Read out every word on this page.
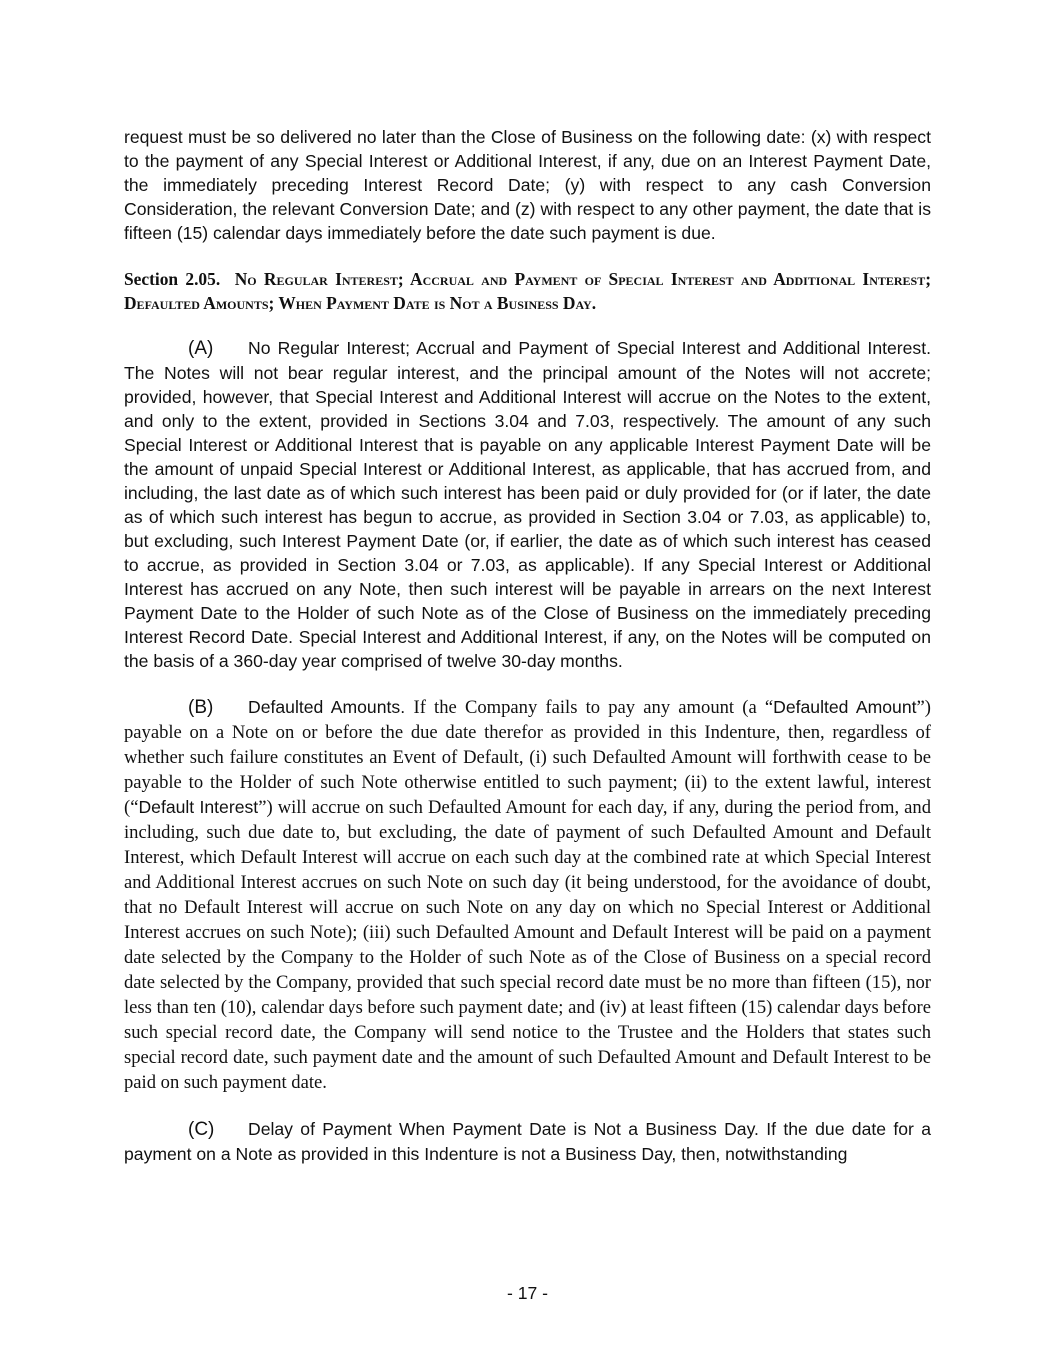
request must be so delivered no later than the Close of Business on the following date: (x) with respect to the payment of any Special Interest or Additional Interest, if any, due on an Interest Payment Date, the immediately preceding Interest Record Date; (y) with respect to any cash Conversion Consideration, the relevant Conversion Date; and (z) with respect to any other payment, the date that is fifteen (15) calendar days immediately before the date such payment is due.

Section 2.05. No Regular Interest; Accrual and Payment of Special Interest and Additional Interest; Defaulted Amounts; When Payment Date is Not a Business Day.

(A) No Regular Interest; Accrual and Payment of Special Interest and Additional Interest. The Notes will not bear regular interest, and the principal amount of the Notes will not accrete; provided, however, that Special Interest and Additional Interest will accrue on the Notes to the extent, and only to the extent, provided in Sections 3.04 and 7.03, respectively. The amount of any such Special Interest or Additional Interest that is payable on any applicable Interest Payment Date will be the amount of unpaid Special Interest or Additional Interest, as applicable, that has accrued from, and including, the last date as of which such interest has been paid or duly provided for (or if later, the date as of which such interest has begun to accrue, as provided in Section 3.04 or 7.03, as applicable) to, but excluding, such Interest Payment Date (or, if earlier, the date as of which such interest has ceased to accrue, as provided in Section 3.04 or 7.03, as applicable). If any Special Interest or Additional Interest has accrued on any Note, then such interest will be payable in arrears on the next Interest Payment Date to the Holder of such Note as of the Close of Business on the immediately preceding Interest Record Date. Special Interest and Additional Interest, if any, on the Notes will be computed on the basis of a 360-day year comprised of twelve 30-day months.

(B) Defaulted Amounts. If the Company fails to pay any amount (a “Defaulted Amount”) payable on a Note on or before the due date therefor as provided in this Indenture, then, regardless of whether such failure constitutes an Event of Default, (i) such Defaulted Amount will forthwith cease to be payable to the Holder of such Note otherwise entitled to such payment; (ii) to the extent lawful, interest (“Default Interest”) will accrue on such Defaulted Amount for each day, if any, during the period from, and including, such due date to, but excluding, the date of payment of such Defaulted Amount and Default Interest, which Default Interest will accrue on each such day at the combined rate at which Special Interest and Additional Interest accrues on such Note on such day (it being understood, for the avoidance of doubt, that no Default Interest will accrue on such Note on any day on which no Special Interest or Additional Interest accrues on such Note); (iii) such Defaulted Amount and Default Interest will be paid on a payment date selected by the Company to the Holder of such Note as of the Close of Business on a special record date selected by the Company, provided that such special record date must be no more than fifteen (15), nor less than ten (10), calendar days before such payment date; and (iv) at least fifteen (15) calendar days before such special record date, the Company will send notice to the Trustee and the Holders that states such special record date, such payment date and the amount of such Defaulted Amount and Default Interest to be paid on such payment date.

(C) Delay of Payment When Payment Date is Not a Business Day. If the due date for a payment on a Note as provided in this Indenture is not a Business Day, then, notwithstanding

- 17 -
